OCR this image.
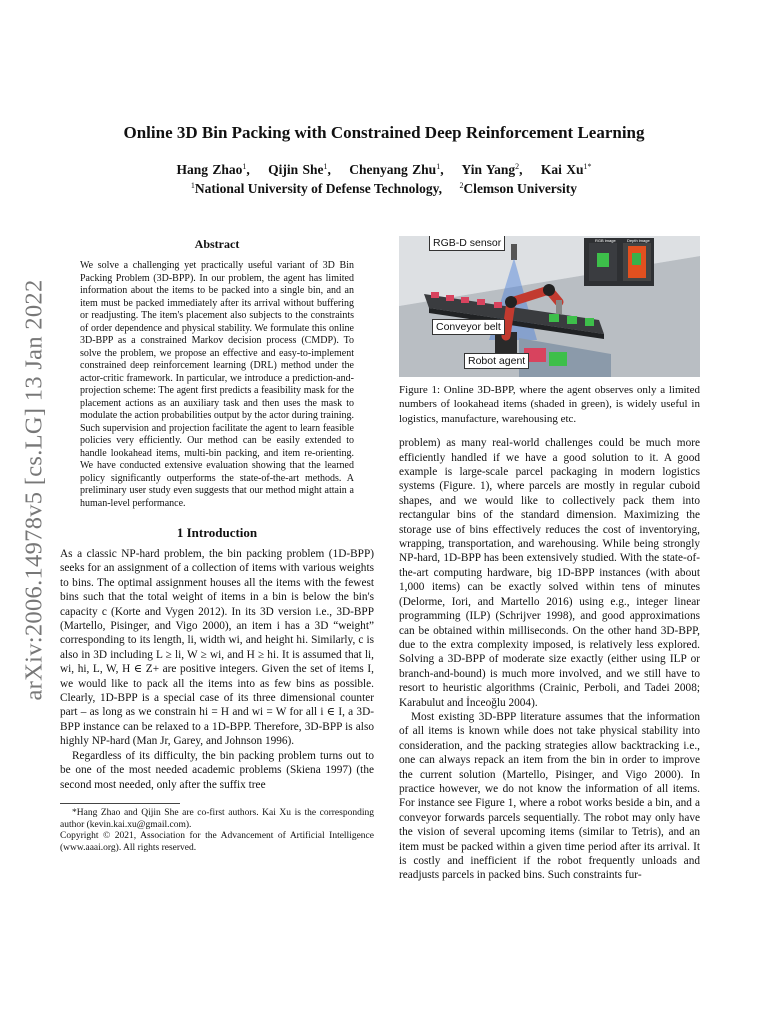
arXiv:2006.14978v5 [cs.LG] 13 Jan 2022
Online 3D Bin Packing with Constrained Deep Reinforcement Learning
Hang Zhao$^1$, Qijin She$^1$, Chenyang Zhu$^1$, Yin Yang$^2$, Kai $Xu^{1*}$
$^1$National University of Defense Technology, $^2$Clemson University
Abstract

We solve a challenging yet practically useful variant of 3D Bin Packing Problem (3D-BPP). In our problem, the agent has limited information about the items to be packed into a single bin, and an item must be packed immediately after its arrival without buffering or readjusting. The item's placement also subjects to the constraints of order dependence and physical stability. We formulate this online 3D-BPP as a constrained Markov decision process (CMDP). To solve the problem, we propose an effective and easy-to-implement constrained deep reinforcement learning (DRL) method under the actor-critic framework. In particular, we introduce a prediction-and-projection scheme: The agent first predicts a feasibility mask for the placement actions as an auxiliary task and then uses the mask to modulate the action probabilities output by the actor during training. Such supervision and projection facilitate the agent to learn feasible policies very efficiently. Our method can be easily extended to handle lookahead items, multi-bin packing, and item re-orienting. We have conducted extensive evaluation showing that the learned policy significantly outperforms the state-of-the-art methods. A preliminary user study even suggests that our method might attain a human-level performance.

1 Introduction

As a classic NP-hard problem, the bin packing problem (1D-BPP) seeks for an assignment of a collection of items with various weights to bins. The optimal assignment houses all the items with the fewest bins such that the total weight of items in a bin is below the bin's capacity c (Korte and Vygen 2012). In its 3D version i.e., 3D-BPP (Martello, Pisinger, and Vigo 2000), an item i has a 3D “weight” corresponding to its length, li, width wi, and height hi. Similarly, c is also in 3D including L ≥ li, W ≥ wi, and H ≥ hi. It is assumed that li, wi, hi, L, W, H ∈ Z+ are positive integers. Given the set of items I, we would like to pack all the items into as few bins as possible. Clearly, 1D-BPP is a special case of its three dimensional counter part – as long as we constrain hi = H and wi = W for all i ∈ I, a 3D-BPP instance can be relaxed to a 1D-BPP. Therefore, 3D-BPP is also highly NP-hard (Man Jr, Garey, and Johnson 1996).

Regardless of its difficulty, the bin packing problem turns out to be one of the most needed academic problems (Skiena 1997) (the second most needed, only after the suffix tree

*Hang Zhao and Qijin She are co-first authors. Kai Xu is the corresponding author (kevin.kai.xu@gmail.com).

Copyright © 2021, Association for the Advancement of Artificial Intelligence (www.aaai.org). All rights reserved.

RGB-D sensor
Conveyor belt
Robot agent
RGB image	Depth image

Figure 1: Online 3D-BPP, where the agent observes only a limited numbers of lookahead items (shaded in green), is widely useful in logistics, manufacture, warehousing etc.

problem) as many real-world challenges could be much more efficiently handled if we have a good solution to it. A good example is large-scale parcel packaging in modern logistics systems (Figure. 1), where parcels are mostly in regular cuboid shapes, and we would like to collectively pack them into rectangular bins of the standard dimension. Maximizing the storage use of bins effectively reduces the cost of inventorying, wrapping, transportation, and warehousing. While being strongly NP-hard, 1D-BPP has been extensively studied. With the state-of-the-art computing hardware, big 1D-BPP instances (with about 1,000 items) can be exactly solved within tens of minutes (Delorme, Iori, and Martello 2016) using e.g., integer linear programming (ILP) (Schrijver 1998), and good approximations can be obtained within milliseconds. On the other hand 3D-BPP, due to the extra complexity imposed, is relatively less explored. Solving a 3D-BPP of moderate size exactly (either using ILP or branch-and-bound) is much more involved, and we still have to resort to heuristic algorithms (Crainic, Perboli, and Tadei 2008; Karabulut and İnceoğlu 2004).

Most existing 3D-BPP literature assumes that the information of all items is known while does not take physical stability into consideration, and the packing strategies allow backtracking i.e., one can always repack an item from the bin in order to improve the current solution (Martello, Pisinger, and Vigo 2000). In practice however, we do not know the information of all items. For instance see Figure 1, where a robot works beside a bin, and a conveyor forwards parcels sequentially. The robot may only have the vision of several upcoming items (similar to Tetris), and an item must be packed within a given time period after its arrival. It is costly and inefficient if the robot frequently unloads and readjusts parcels in packed bins. Such constraints fur-
